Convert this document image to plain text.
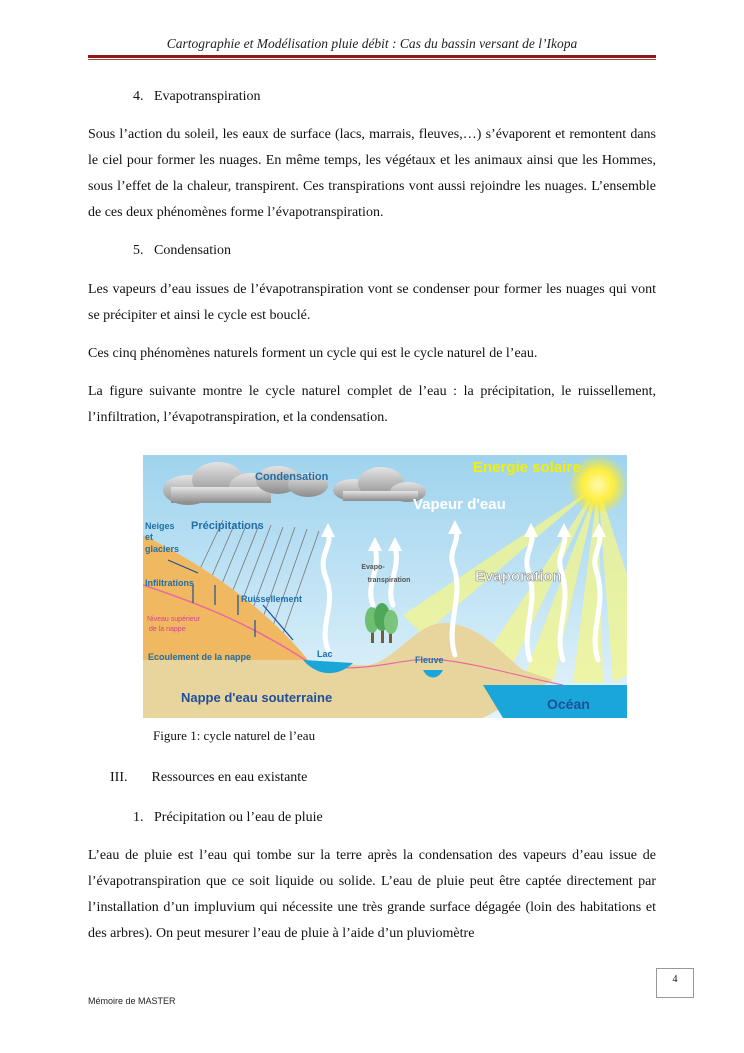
Cartographie et Modélisation pluie débit : Cas du bassin versant de l’Ikopa
4. Evapotranspiration

Sous l’action du soleil, les eaux de surface (lacs, marrais, fleuves,…) s’évaporent et remontent dans le ciel pour former les nuages. En même temps, les végétaux et les animaux ainsi que les Hommes, sous l’effet de la chaleur, transpirent. Ces transpirations vont aussi rejoindre les nuages. L’ensemble de ces deux phénomènes forme l’évapotranspiration.

5. Condensation

Les vapeurs d’eau issues de l’évapotranspiration vont se condenser pour former les nuages qui vont se précipiter et ainsi le cycle est bouclé.

Ces cinq phénomènes naturels forment un cycle qui est le cycle naturel de l’eau.

La figure suivante montre le cycle naturel complet de l’eau : la précipitation, le ruissellement, l’infiltration, l’évapotranspiration, et la condensation.

Condensation
Energie solaire
Vapeur d'eau
Neiges
et
glaciers
Précipitations
Evapo-
transpiration	Evaporation
Infiltrations
Ruissellement
Niveau supérieur
de la nappe
Ecoulement de la nappe	Lac
Fleuve
Nappe d'eau souterraine	Océan
Figure 1: cycle naturel de l’eau
III. Ressources en eau existante
1. Précipitation ou l’eau de pluie

L’eau de pluie est l’eau qui tombe sur la terre après la condensation des vapeurs d’eau issue de l’évapotranspiration que ce soit liquide ou solide. L’eau de pluie peut être captée directement par l’installation d’un impluvium qui nécessite une très grande surface dégagée (loin des habitations et des arbres). On peut mesurer l’eau de pluie à l’aide d’un pluviomètre

4
Mémoire de MASTER
